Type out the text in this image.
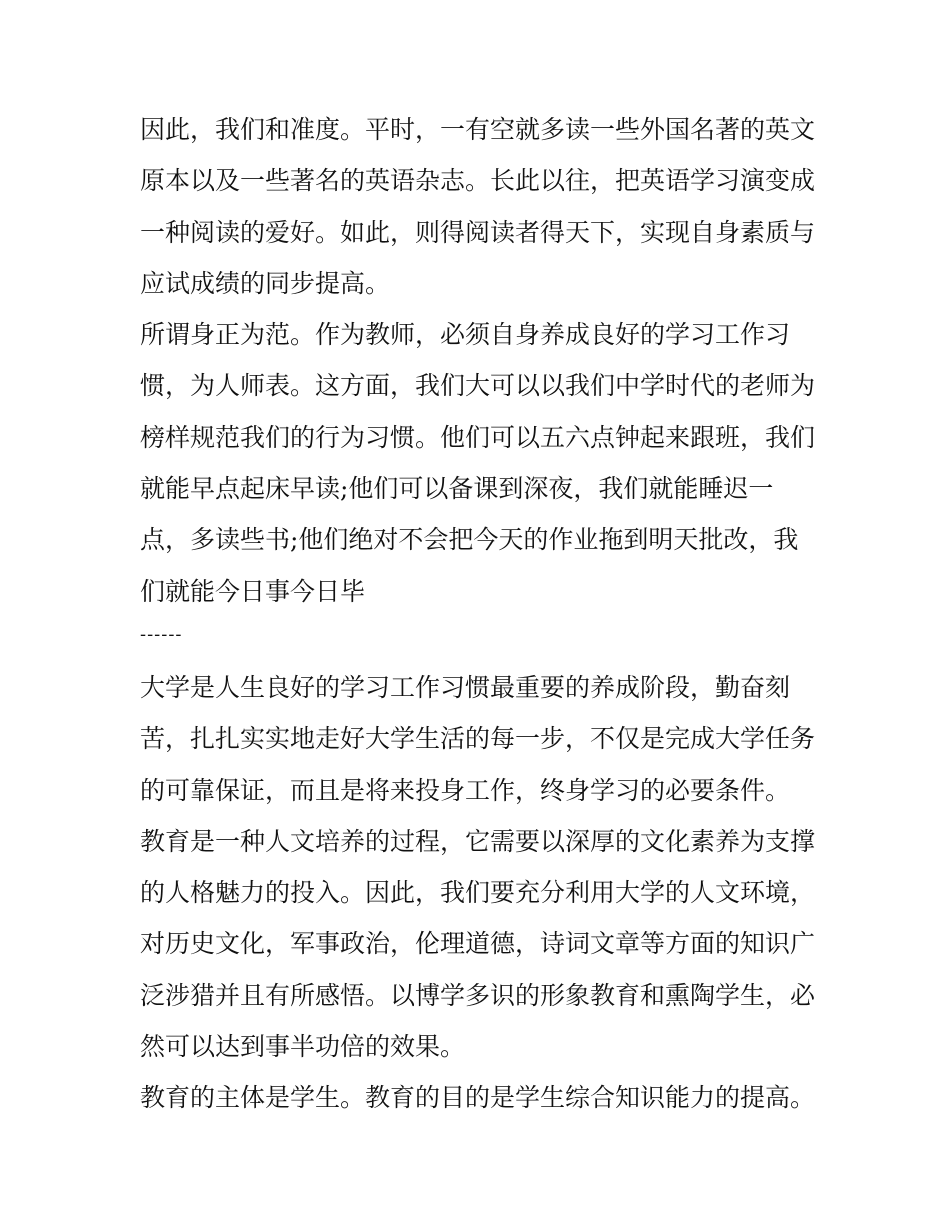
因此，我们和准度。平时，一有空就多读一些外国名著的英文
原本以及一些著名的英语杂志。长此以往，把英语学习演变成
一种阅读的爱好。如此，则得阅读者得天下，实现自身素质与
应试成绩的同步提高。
所谓身正为范。作为教师，必须自身养成良好的学习工作习
惯，为人师表。这方面，我们大可以以我们中学时代的老师为
榜样规范我们的行为习惯。他们可以五六点钟起来跟班，我们
就能早点起床早读;他们可以备课到深夜，我们就能睡迟一
点，多读些书;他们绝对不会把今天的作业拖到明天批改，我
们就能今日事今日毕
------
大学是人生良好的学习工作习惯最重要的养成阶段，勤奋刻
苦，扎扎实实地走好大学生活的每一步，不仅是完成大学任务
的可靠保证，而且是将来投身工作，终身学习的必要条件。
教育是一种人文培养的过程，它需要以深厚的文化素养为支撑
的人格魅力的投入。因此，我们要充分利用大学的人文环境，
对历史文化，军事政治，伦理道德，诗词文章等方面的知识广
泛涉猎并且有所感悟。以博学多识的形象教育和熏陶学生，必
然可以达到事半功倍的效果。
教育的主体是学生。教育的目的是学生综合知识能力的提高。
